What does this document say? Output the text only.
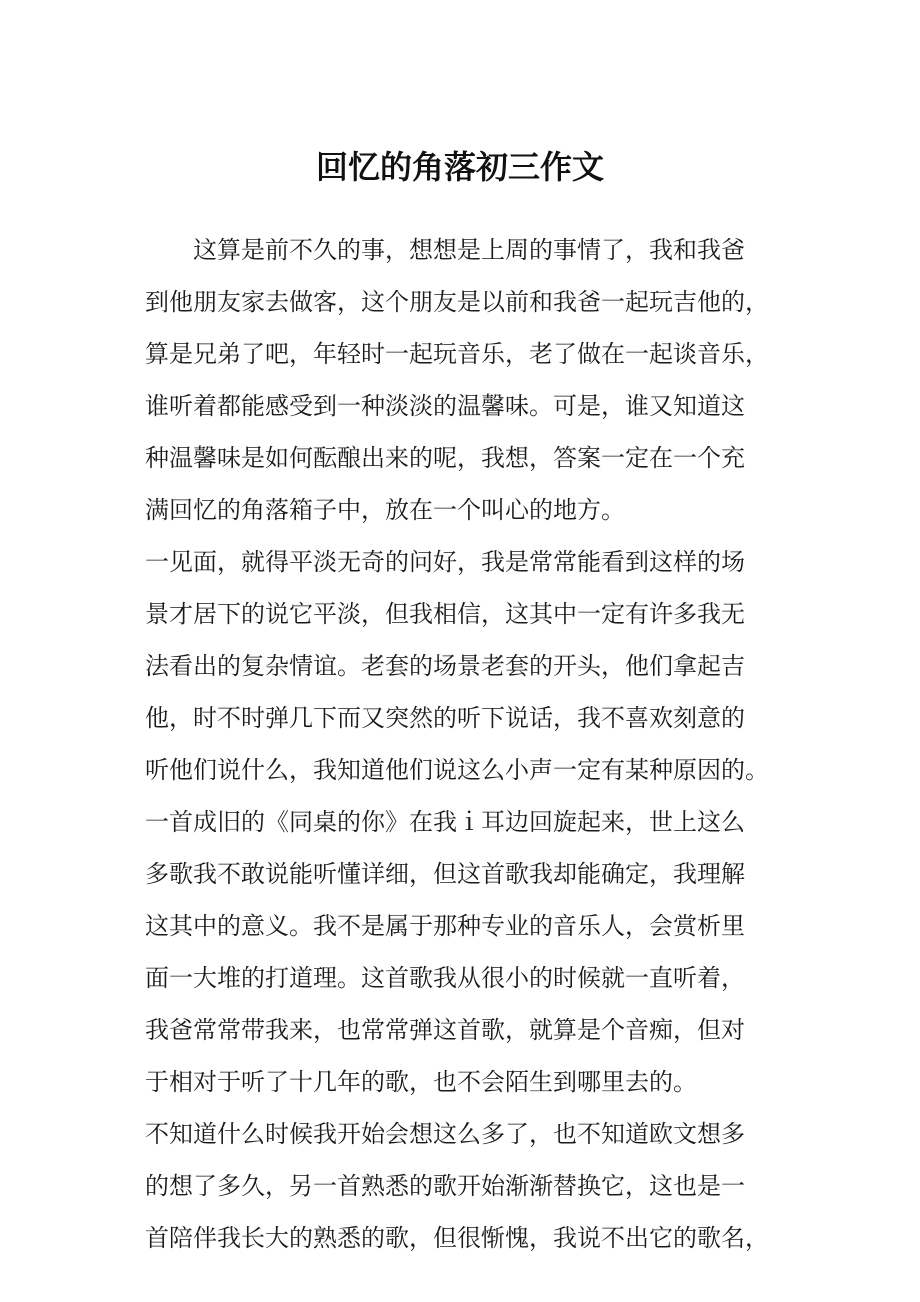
回忆的角落初三作文

　　这算是前不久的事，想想是上周的事情了，我和我爸

到他朋友家去做客，这个朋友是以前和我爸一起玩吉他的，

算是兄弟了吧，年轻时一起玩音乐，老了做在一起谈音乐，

谁听着都能感受到一种淡淡的温馨味。可是，谁又知道这

种温馨味是如何酝酿出来的呢，我想，答案一定在一个充

满回忆的角落箱子中，放在一个叫心的地方。

一见面，就得平淡无奇的问好，我是常常能看到这样的场

景才居下的说它平淡，但我相信，这其中一定有许多我无

法看出的复杂情谊。老套的场景老套的开头，他们拿起吉

他，时不时弹几下而又突然的听下说话，我不喜欢刻意的

听他们说什么，我知道他们说这么小声一定有某种原因的。

一首成旧的《同桌的你》在我ｉ耳边回旋起来，世上这么

多歌我不敢说能听懂详细，但这首歌我却能确定，我理解

这其中的意义。我不是属于那种专业的音乐人，会赏析里

面一大堆的打道理。这首歌我从很小的时候就一直听着，

我爸常常带我来，也常常弹这首歌，就算是个音痴，但对

于相对于听了十几年的歌，也不会陌生到哪里去的。

不知道什么时候我开始会想这么多了，也不知道欧文想多

的想了多久，另一首熟悉的歌开始渐渐替换它，这也是一

首陪伴我长大的熟悉的歌，但很惭愧，我说不出它的歌名，
